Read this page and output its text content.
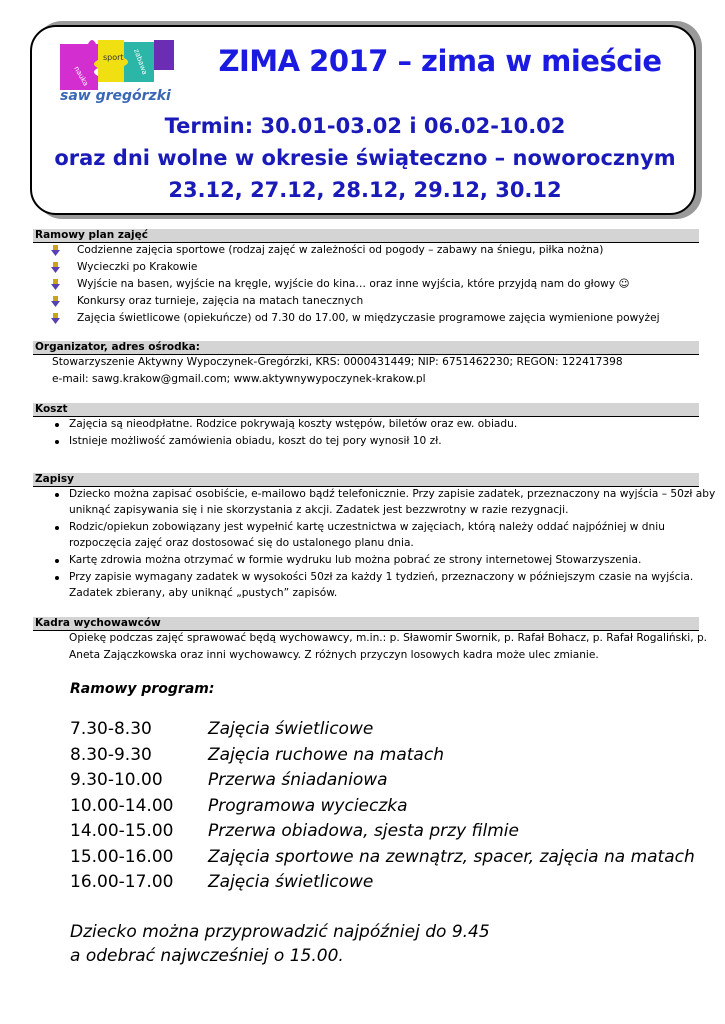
nauka
sport zabawa
saw gregórzki
ZIMA 2017 – zima w mieście
Termin: 30.01-03.02 i 06.02-10.02
oraz dni wolne w okresie świąteczno – noworocznym
23.12, 27.12, 28.12, 29.12, 30.12
Ramowy plan zajęć
Codzienne zajęcia sportowe (rodzaj zajęć w zależności od pogody – zabawy na śniegu, piłka nożna)
Wycieczki po Krakowie
Wyjście na basen, wyjście na kręgle, wyjście do kina… oraz inne wyjścia, które przyjdą nam do głowy ☺
Konkursy oraz turnieje, zajęcia na matach tanecznych
Zajęcia świetlicowe (opiekuńcze) od 7.30 do 17.00, w międzyczasie programowe zajęcia wymienione powyżej
Organizator, adres ośrodka:
Stowarzyszenie Aktywny Wypoczynek-Gregórzki, KRS: 0000431449; NIP: 6751462230; REGON: 122417398
e-mail: sawg.krakow@gmail.com; www.aktywnywypoczynek-krakow.pl
Koszt
Zajęcia są nieodpłatne. Rodzice pokrywają koszty wstępów, biletów oraz ew. obiadu.
Istnieje możliwość zamówienia obiadu, koszt do tej pory wynosił 10 zł.
Zapisy
Dziecko można zapisać osobiście, e-mailowo bądź telefonicznie. Przy zapisie zadatek, przeznaczony na wyjścia – 50zł aby
uniknąć zapisywania się i nie skorzystania z akcji. Zadatek jest bezzwrotny w razie rezygnacji.
Rodzic/opiekun zobowiązany jest wypełnić kartę uczestnictwa w zajęciach, którą należy oddać najpóźniej w dniu
rozpoczęcia zajęć oraz dostosować się do ustalonego planu dnia.
Kartę zdrowia można otrzymać w formie wydruku lub można pobrać ze strony internetowej Stowarzyszenia.
Przy zapisie wymagany zadatek w wysokości 50zł za każdy 1 tydzień, przeznaczony w późniejszym czasie na wyjścia.
Zadatek zbierany, aby uniknąć „pustych” zapisów.
Kadra wychowawców
Opiekę podczas zajęć sprawować będą wychowawcy, m.in.: p. Sławomir Swornik, p. Rafał Bohacz, p. Rafał Rogaliński, p.
Aneta Zajączkowska oraz inni wychowawcy. Z różnych przyczyn losowych kadra może ulec zmianie.
Ramowy program:
7.30-8.30	Zajęcia świetlicowe
8.30-9.30	Zajęcia ruchowe na matach
9.30-10.00	Przerwa śniadaniowa
10.00-14.00 Programowa wycieczka
14.00-15.00 Przerwa obiadowa, sjesta przy filmie
15.00-16.00 Zajęcia sportowe na zewnątrz, spacer, zajęcia na matach
16.00-17.00 Zajęcia świetlicowe
Dziecko można przyprowadzić najpóźniej do 9.45
a odebrać najwcześniej o 15.00.
